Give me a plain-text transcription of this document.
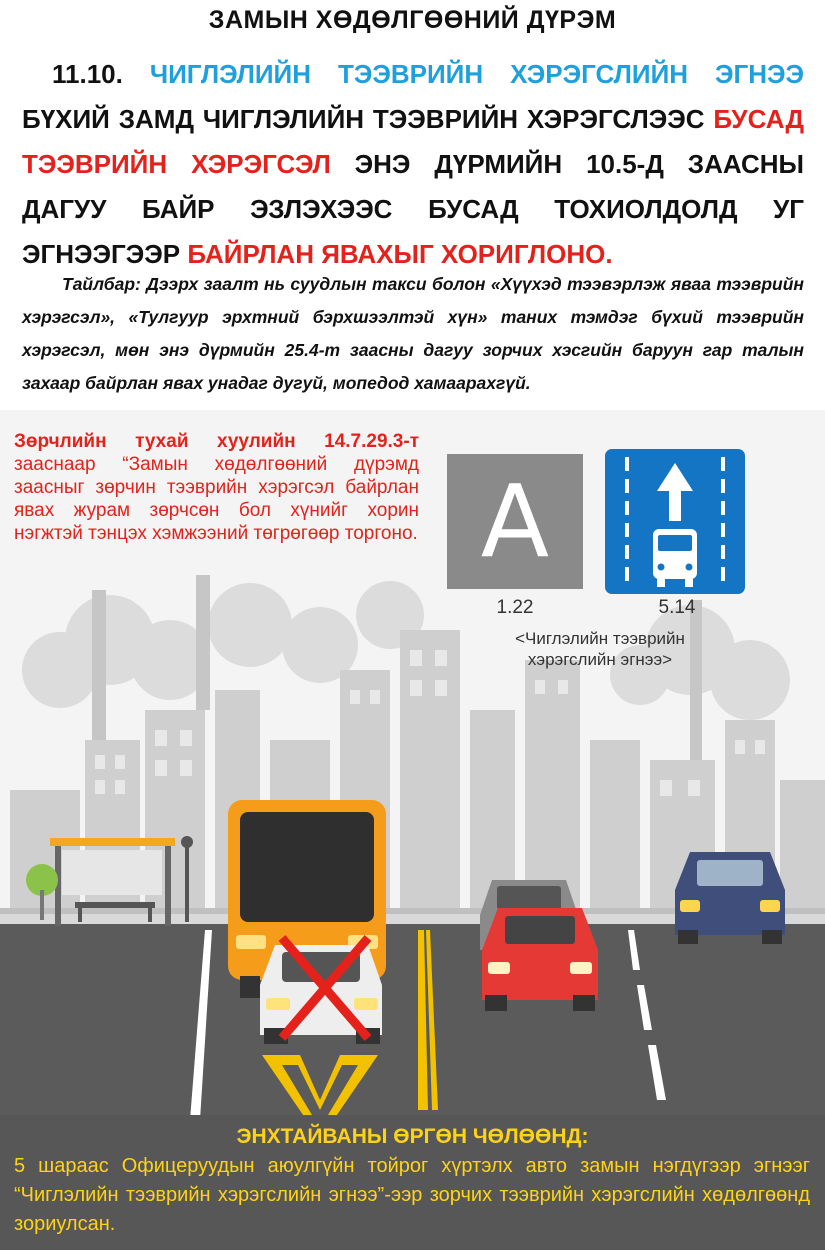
ЗАМЫН ХӨДӨЛГӨӨНИЙ ДҮРЭМ
11.10. ЧИГЛЭЛИЙН ТЭЭВРИЙН ХЭРЭГСЛИЙН ЭГНЭЭ БҮХИЙ ЗАМД ЧИГЛЭЛИЙН ТЭЭВРИЙН ХЭРЭГСЛЭЭС БУСАД ТЭЭВРИЙН ХЭРЭГСЭЛ ЭНЭ ДҮРМИЙН 10.5-Д ЗААСНЫ ДАГУУ БАЙР ЭЗЛЭХЭЭС БУСАД ТОХИОЛДОЛД УГ ЭГНЭЭГЭЭР БАЙРЛАН ЯВАХЫГ ХОРИГЛОНО.
Тайлбар: Дээрх заалт нь суудлын такси болон «Хүүхэд тээвэрлэж яваа тээврийн хэрэгсэл», «Тулгуур эрхтний бэрхшээлтэй хүн» таних тэмдэг бүхий тээврийн хэрэгсэл, мөн энэ дүрмийн 25.4-т заасны дагуу зорчих хэсгийн баруун гар талын захаар байрлан явах унадаг дугуй, мопедод хамаарахгүй.
Зөрчлийн тухай хуулийн 14.7.29.3-т зааснаар “Замын хөдөлгөөний дүрэмд заасныг зөрчин тээврийн хэрэгсэл байрлан явах журам зөрчсөн бол хүнийг хорин нэгжтэй тэнцэх хэмжээний төгрөгөөр торгоно. A
1.22	5.14
<Чиглэлийн тээврийн хэрэгслийн эгнээ>
ЭНХТАЙВАНЫ ӨРГӨН ЧӨЛӨӨНД:
5 шараас Офицеруудын аюулгүйн тойрог хүртэлх авто замын нэгдүгээр эгнээг “Чиглэлийн тээврийн хэрэгслийн эгнээ”-ээр зорчих тээврийн хэрэгслийн хөдөлгөөнд зориулсан.
